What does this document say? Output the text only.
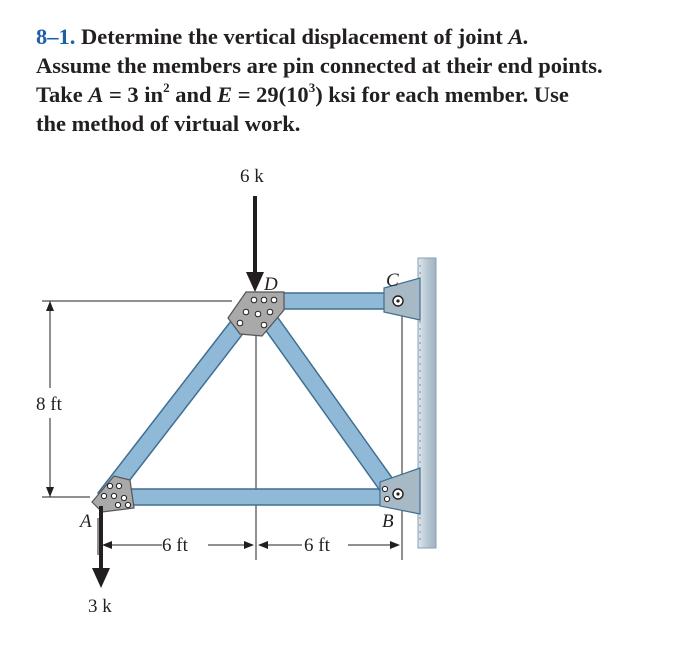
8–1. Determine the vertical displacement of joint A.
Assume the members are pin connected at their end points.
Take A = 3 $in^2$ and $E = 29(10^3)$ ksi for each member. Use
the method of virtual work.
6 k
3 k
D	C
A	B
8 ft
6 ft	6 ft
